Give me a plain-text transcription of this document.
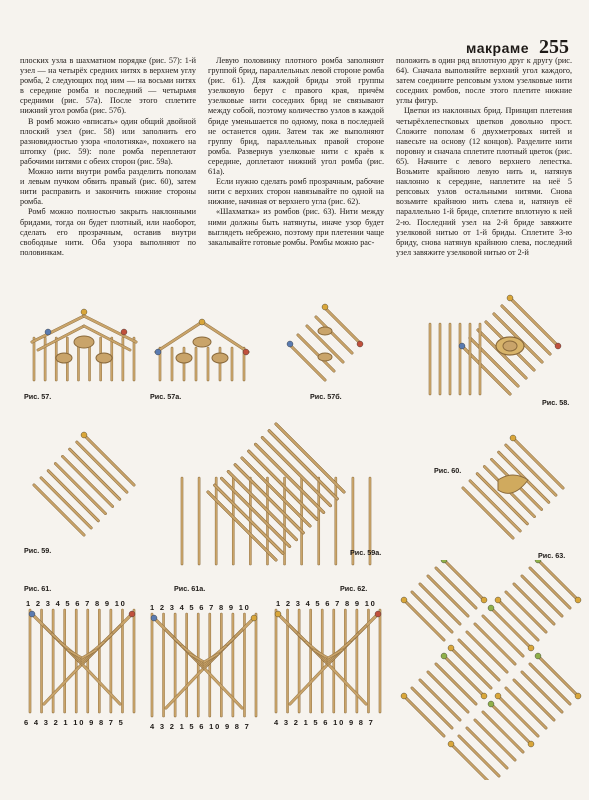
макраме 255

плоских узла в шахматном порядке (рис. 57): 1-й узел — на четырёх средних нитях в верхнем углу ромба, 2 следующих под ним — на восьми нитях в середине ромба и последний — четырьмя средними (рис. 57а). После этого сплетите нижний угол ромба (рис. 57б).

В ромб можно «вписать» один общий двойной плоский узел (рис. 58) или заполнить его разновидностью узора «полотняка», похожего на штопку (рис. 59): поле ромба переплетают рабочими нитями с обеих сторон (рис. 59а).

Можно нити внутри ромба разделить пополам и левым пучком обвить правый (рис. 60), затем нити расправить и закончить нижние стороны ромба.

Ромб можно полностью закрыть наклонными бридами, тогда он будет плотный, или наоборот, сделать его прозрачным, оставив внутри свободные нити. Оба узора выполняют по половинкам.

Левую половинку плотного ромба заполняют группой брид, параллельных левой стороне ромба (рис. 61). Для каждой бриды этой группы узелковую берут с правого края, причём узелковые нити соседних брид не связывают между собой, поэтому количество узлов в каждой бриде уменьшается по одному, пока в последней не останется один. Затем так же выполняют группу брид, параллельных правой стороне ромба. Развернув узелковые нити с краёв к середине, доплетают нижний угол ромба (рис. 61а).

Если нужно сделать ромб прозрачным, рабочие нити с верхних сторон навязывайте по одной на нижние, начиная от верхнего угла (рис. 62).

«Шахматка» из ромбов (рис. 63). Нити между ними должны быть натянуты, иначе узор будет выглядеть небрежно, поэтому при плетении чаще закалывайте готовые ромбы. Ромбы можно рас-

положить в один ряд вплотную друг к другу (рис. 64). Сначала выполняйте верхний угол каждого, затем соедините репсовым узлом узелковые нити соседних ромбов, после этого плетите нижние углы фигур.

Цветки из наклонных брид. Принцип плетения четырёхлепестковых цветков довольно прост. Сложите пополам 6 двухметровых нитей и навесьте на основу (12 концов). Разделите нити поровну и сначала сплетите плотный цветок (рис. 65). Начните с левого верхнего лепестка. Возьмите крайнюю левую нить и, натянув наклонно к середине, наплетите на неё 5 репсовых узлов остальными нитями. Снова возьмите крайнюю нить слева и, натянув её параллельно 1-й бриде, сплетите вплотную к ней 2-ю. Последний узел на 2-й бриде завяжите узелковой нитью от 1-й бриды. Сплетите 3-ю бриду, снова натянув крайнюю слева, последний узел завяжите узелковой нитью от 2-й

Рис. 57.	Рис. 57а.	Рис. 57б.
Рис. 58.
Рис. 59.	Рис. 59а.
Рис. 60.
Рис. 63.
Рис. 61.
1 2 3 4 5 6 7 8 9 10
6 4 3 2 1 10 9 8 7 5
Рис. 61а.
1 2 3 4 5 6 7 8 9 10
4 3 2 1 5 6 10 9 8 7
Рис. 62.
1 2 3 4 5 6 7 8 9 10
4 3 2 1 5 6 10 9 8 7
